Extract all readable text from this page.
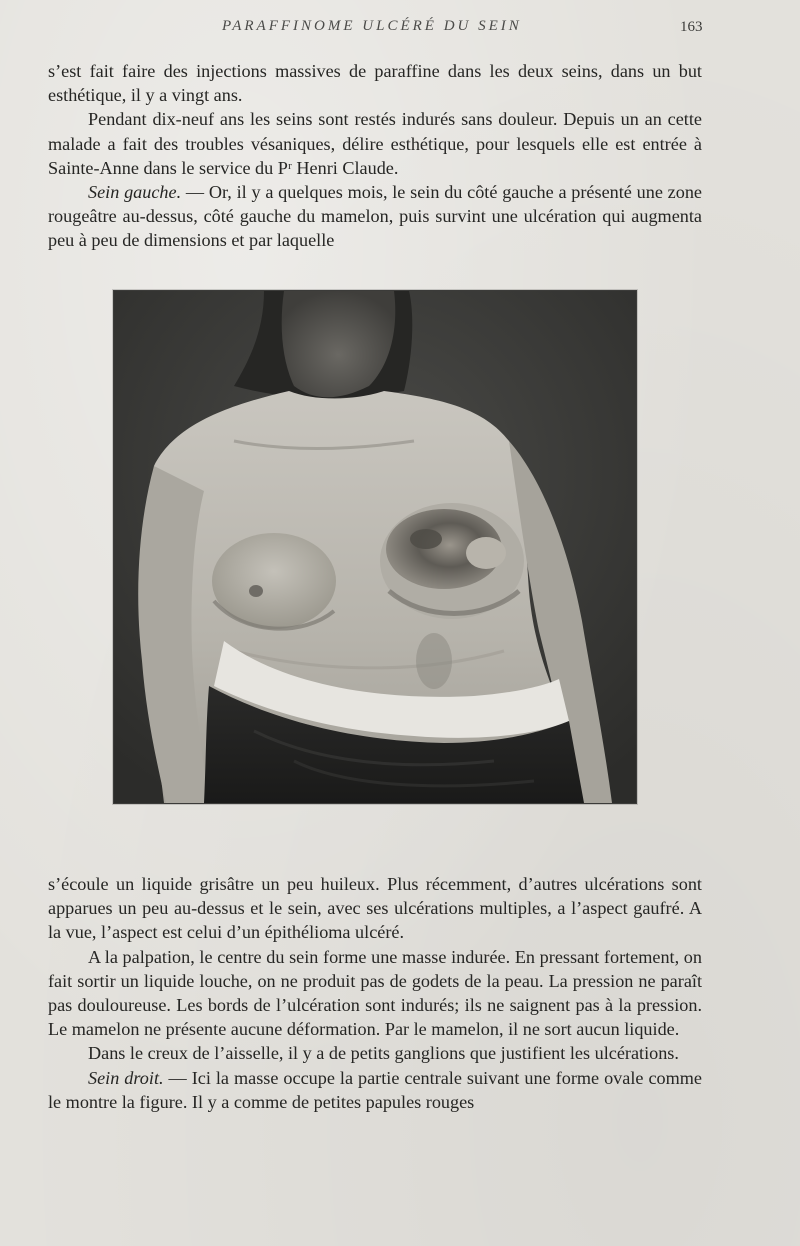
PARAFFINOME ULCÉRÉ DU SEIN	163

s’est fait faire des injections massives de paraffine dans les deux seins, dans un but esthétique, il y a vingt ans.

Pendant dix-neuf ans les seins sont restés indurés sans douleur. Depuis un an cette malade a fait des troubles vésaniques, délire esthétique, pour lesquels elle est entrée à Sainte-Anne dans le service du Pʳ Henri Claude.

Sein gauche. — Or, il y a quelques mois, le sein du côté gauche a présenté une zone rougeâtre au-dessus, côté gauche du mamelon, puis survint une ulcération qui augmenta peu à peu de dimensions et par laquelle

s’écoule un liquide grisâtre un peu huileux. Plus récemment, d’autres ulcérations sont apparues un peu au-dessus et le sein, avec ses ulcérations multiples, a l’aspect gaufré. A la vue, l’aspect est celui d’un épithélioma ulcéré.

A la palpation, le centre du sein forme une masse indurée. En pressant fortement, on fait sortir un liquide louche, on ne produit pas de godets de la peau. La pression ne paraît pas douloureuse. Les bords de l’ulcération sont indurés; ils ne saignent pas à la pression. Le mamelon ne présente aucune déformation. Par le mamelon, il ne sort aucun liquide.

Dans le creux de l’aisselle, il y a de petits ganglions que justifient les ulcérations.

Sein droit. — Ici la masse occupe la partie centrale suivant une forme ovale comme le montre la figure. Il y a comme de petites papules rouges
